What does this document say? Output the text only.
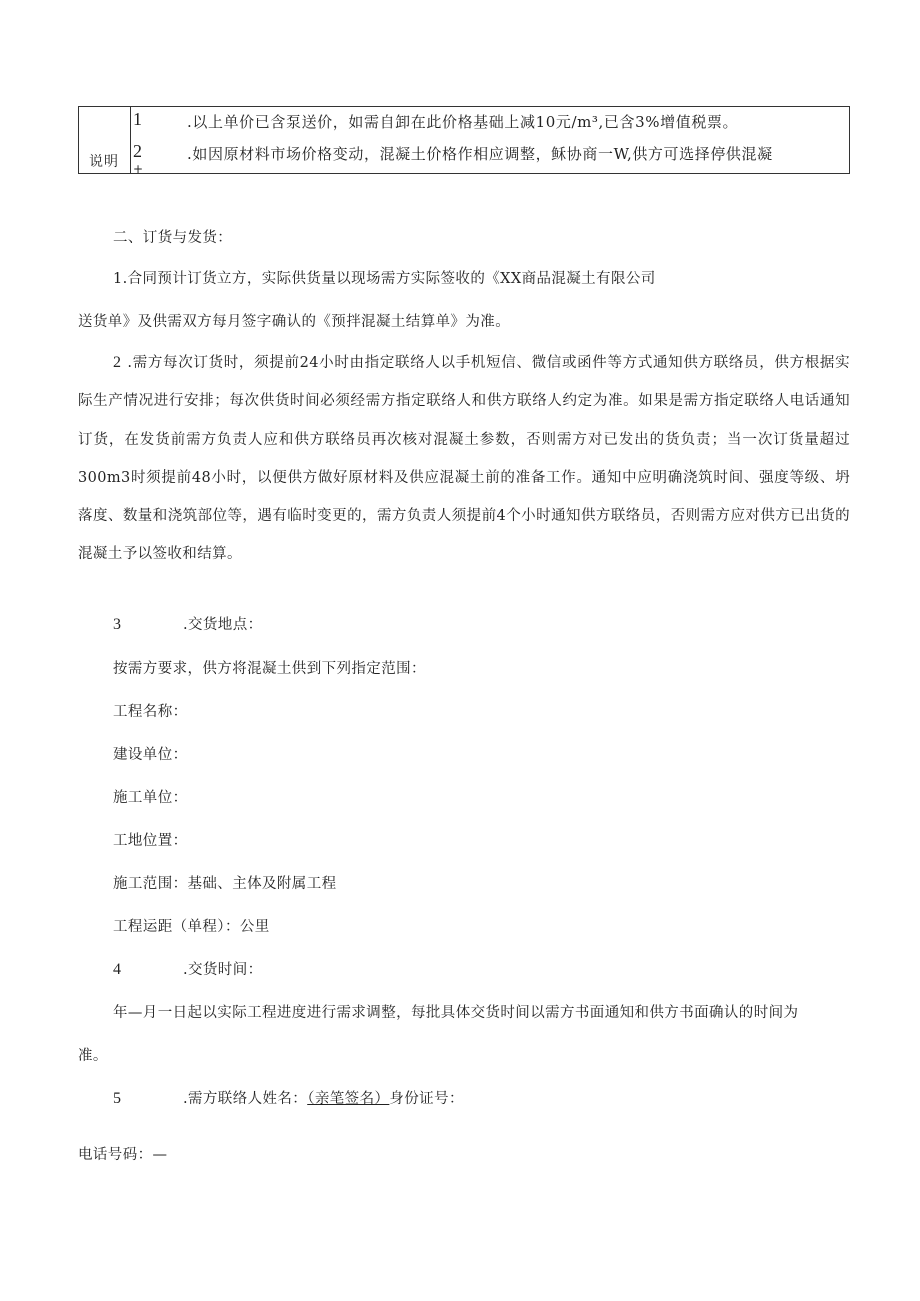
说明
1	.以上单价已含泵送价，如需自卸在此价格基础上减10元/m³,已含3%增值税票。
2	.如因原材料市场价格变动，混凝土价格作相应调整，稣协商一W,供方可选择停供混凝
+
二、订货与发货：
1.合同预计订货立方，实际供货量以现场需方实际签收的《XX商品混凝土有限公司
送货单》及供需双方每月签字确认的《预拌混凝土结算单》为准。
2 .需方每次订货时，须提前24小时由指定联络人以手机短信、微信或函件等方式通知供方联络员，供方根据实际生产情况进行安排；每次供货时间必须经需方指定联络人和供方联络人约定为准。如果是需方指定联络人电话通知订货，在发货前需方负责人应和供方联络员再次核对混凝土参数，否则需方对已发出的货负责；当一次订货量超过300m3时须提前48小时，以便供方做好原材料及供应混凝土前的准备工作。通知中应明确浇筑时间、强度等级、坍落度、数量和浇筑部位等，遇有临时变更的，需方负责人须提前4个小时通知供方联络员，否则需方应对供方已出货的混凝土予以签收和结算。
3	.交货地点：
按需方要求，供方将混凝土供到下列指定范围：
工程名称：
建设单位：
施工单位：
工地位置：
施工范围：基础、主体及附属工程
工程运距（单程）：公里
4	.交货时间：
年—月一日起以实际工程进度进行需求调整，每批具体交货时间以需方书面通知和供方书面确认的时间为
准。
5	.需方联络人姓名：（亲笔签名）身份证号：
电话号码：—
